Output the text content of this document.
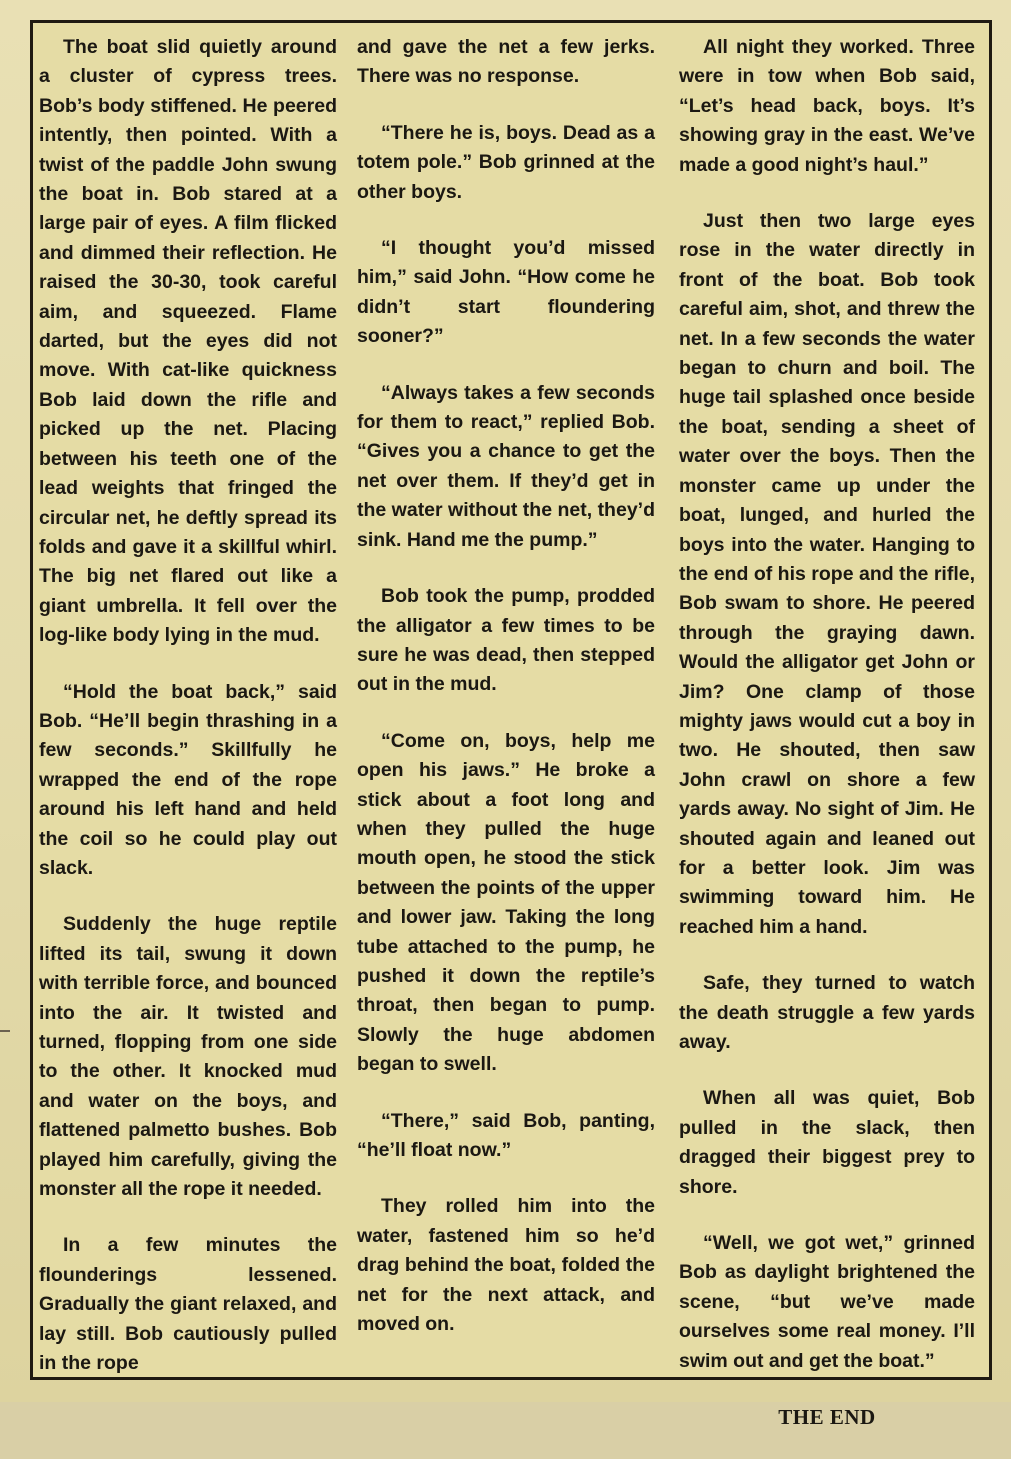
The boat slid quietly around a cluster of cypress trees. Bob’s body stiffened. He peered intently, then pointed. With a twist of the paddle John swung the boat in. Bob stared at a large pair of eyes. A film flicked and dimmed their reflection. He raised the 30-30, took careful aim, and squeezed. Flame darted, but the eyes did not move. With cat-like quickness Bob laid down the rifle and picked up the net. Placing between his teeth one of the lead weights that fringed the circular net, he deftly spread its folds and gave it a skillful whirl. The big net flared out like a giant umbrella. It fell over the log-like body lying in the mud.

“Hold the boat back,” said Bob. “He’ll begin thrashing in a few seconds.” Skillfully he wrapped the end of the rope around his left hand and held the coil so he could play out slack.

Suddenly the huge reptile lifted its tail, swung it down with terrible force, and bounced into the air. It twisted and turned, flopping from one side to the other. It knocked mud and water on the boys, and flattened palmetto bushes. Bob played him carefully, giving the monster all the rope it needed.

In a few minutes the flounderings lessened. Gradually the giant relaxed, and lay still. Bob cautiously pulled in the rope

and gave the net a few jerks. There was no response.

“There he is, boys. Dead as a totem pole.” Bob grinned at the other boys.

“I thought you’d missed him,” said John. “How come he didn’t start floundering sooner?”

“Always takes a few seconds for them to react,” replied Bob. “Gives you a chance to get the net over them. If they’d get in the water without the net, they’d sink. Hand me the pump.”

Bob took the pump, prodded the alligator a few times to be sure he was dead, then stepped out in the mud.

“Come on, boys, help me open his jaws.” He broke a stick about a foot long and when they pulled the huge mouth open, he stood the stick between the points of the upper and lower jaw. Taking the long tube attached to the pump, he pushed it down the reptile’s throat, then began to pump. Slowly the huge abdomen began to swell.

“There,” said Bob, panting, “he’ll float now.”

They rolled him into the water, fastened him so he’d drag behind the boat, folded the net for the next attack, and moved on.

All night they worked. Three were in tow when Bob said, “Let’s head back, boys. It’s showing gray in the east. We’ve made a good night’s haul.”

Just then two large eyes rose in the water directly in front of the boat. Bob took careful aim, shot, and threw the net. In a few seconds the water began to churn and boil. The huge tail splashed once beside the boat, sending a sheet of water over the boys. Then the monster came up under the boat, lunged, and hurled the boys into the water. Hanging to the end of his rope and the rifle, Bob swam to shore. He peered through the graying dawn. Would the alligator get John or Jim? One clamp of those mighty jaws would cut a boy in two. He shouted, then saw John crawl on shore a few yards away. No sight of Jim. He shouted again and leaned out for a better look. Jim was swimming toward him. He reached him a hand.

Safe, they turned to watch the death struggle a few yards away.

When all was quiet, Bob pulled in the slack, then dragged their biggest prey to shore.

“Well, we got wet,” grinned Bob as daylight brightened the scene, “but we’ve made ourselves some real money. I’ll swim out and get the boat.”

THE END
